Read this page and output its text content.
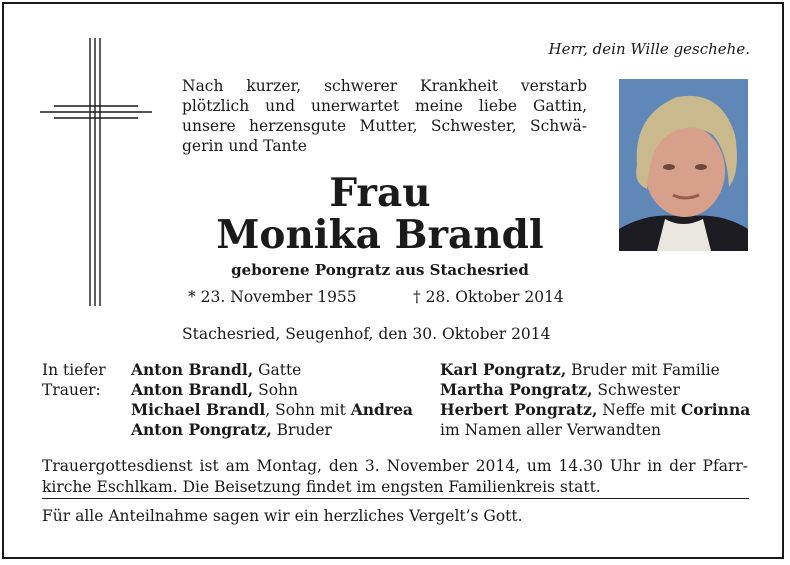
Herr, dein Wille geschehe.
Nach kurzer, schwerer Krankheit verstarb plötzlich und unerwartet meine liebe Gattin, unsere herzensgute Mutter, Schwester, Schwä-gerin und Tante
Frau
Monika Brandl
geborene Pongratz aus Stachesried
* 23. November 1955	† 28. Oktober 2014
Stachesried, Seugenhof, den 30. Oktober 2014
In tiefer
Trauer:
Anton Brandl, Gatte
Anton Brandl, Sohn
Michael Brandl, Sohn mit Andrea
Anton Pongratz, Bruder
Karl Pongratz, Bruder mit Familie
Martha Pongratz, Schwester
Herbert Pongratz, Neffe mit Corinna
im Namen aller Verwandten
Trauergottesdienst ist am Montag, den 3. November 2014, um 14.30 Uhr in der Pfarr-kirche Eschlkam. Die Beisetzung findet im engsten Familienkreis statt.
Für alle Anteilnahme sagen wir ein herzliches Vergelt’s Gott.
